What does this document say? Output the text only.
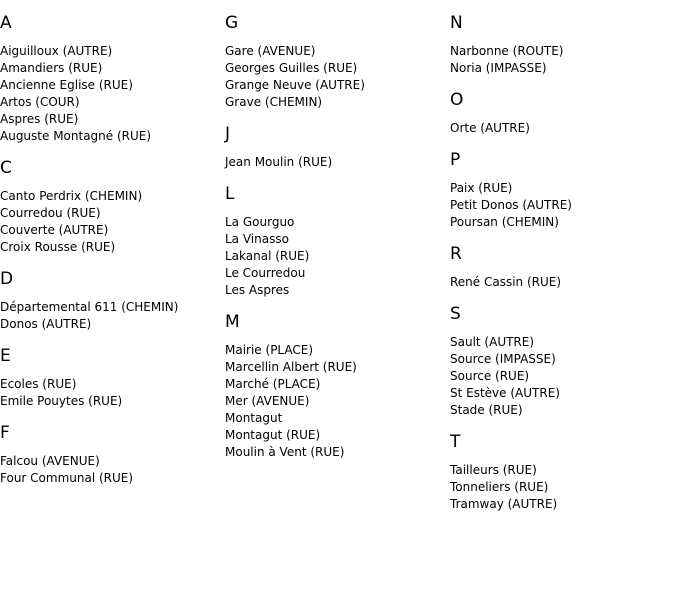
A
Aiguilloux (AUTRE)
Amandiers (RUE)
Ancienne Eglise (RUE)
Artos (COUR)
Aspres (RUE)
Auguste Montagné (RUE)
C
Canto Perdrix (CHEMIN)
Courredou (RUE)
Couverte (AUTRE)
Croix Rousse (RUE)
D
Départemental 611 (CHEMIN)
Donos (AUTRE)
E
Ecoles (RUE)
Emile Pouytes (RUE)
F
Falcou (AVENUE)
Four Communal (RUE)
G
Gare (AVENUE)
Georges Guilles (RUE)
Grange Neuve (AUTRE)
Grave (CHEMIN)
J
Jean Moulin (RUE)
L
La Gourguo
La Vinasso
Lakanal (RUE)
Le Courredou
Les Aspres
M
Mairie (PLACE)
Marcellin Albert (RUE)
Marché (PLACE)
Mer (AVENUE)
Montagut
Montagut (RUE)
Moulin à Vent (RUE)
N
Narbonne (ROUTE)
Noria (IMPASSE)
O
Orte (AUTRE)
P
Paix (RUE)
Petit Donos (AUTRE)
Poursan (CHEMIN)
R
René Cassin (RUE)
S
Sault (AUTRE)
Source (IMPASSE)
Source (RUE)
St Estève (AUTRE)
Stade (RUE)
T
Tailleurs (RUE)
Tonneliers (RUE)
Tramway (AUTRE)
